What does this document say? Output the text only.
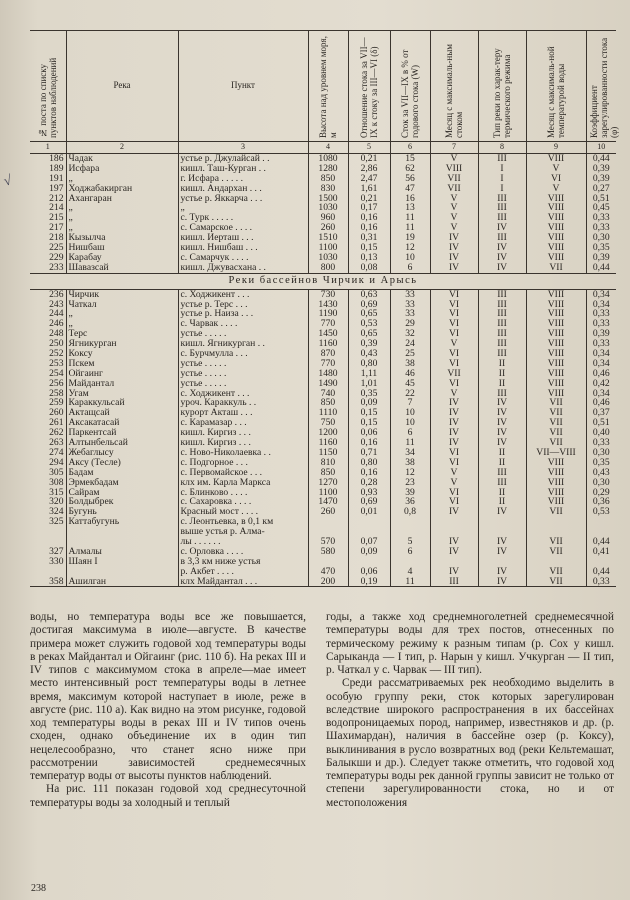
√
№ поста по списку пунктов наблюдений	Река	Пункт	Высота над уровнем моря, м	Отношение стока за VII—IX к стоку за III—VI (δ)	Сток за VII—IX в % от годового стока (W)	Месяц с максималь-ным стоком	Тип реки по харак-теру термического режима	Месяц с максималь-ной температурой воды	Коэффициент зарегулированности стока (φ)
1	2	3	4	5	6	7	8	9	10
186	Чадак	устье р. Джулайсай . .	1080	0,21	15	V	III	VIII	0,44
189	Исфара	кишл. Таш-Курган . .	1280	2,86	62	VIII	I	V	0,39
191	„	г. Исфара . . . . .	850	2,47	56	VII	I	VI	0,39
197	Ходжабакирган	кишл. Андархан . . .	830	1,61	47	VII	I	V	0,27
212	Ахангаран	устье р. Яккарча . . .	1500	0,21	16	V	III	VIII	0,51
214	„	„	1030	0,17	13	V	III	VIII	0,45
215	„	с. Турк . . . . .	960	0,16	11	V	III	VIII	0,33
217	„	с. Самарское . . . .	260	0,16	11	V	IV	VIII	0,33
218	Кызылча	кишл. Иерташ . . .	1510	0,31	19	IV	III	VIII	0,30
225	Нишбаш	кишл. Нишбаш . . .	1100	0,15	12	IV	IV	VIII	0,35
229	Карабау	с. Самарчук . . . .	1030	0,13	10	IV	IV	VIII	0,39
233	Шавазсай	кишл. Джувасхана . .	800	0,08	6	IV	IV	VII	0,44
Реки бассейнов Чирчик и Арысь									
236	Чирчик	с. Ходжикент . . .	730	0,63	33	VI	III	VIII	0,34
243	Чаткал	устье р. Терс . . .	1430	0,69	33	VI	III	VIII	0,34
244	„	устье р. Наиза . . .	1190	0,65	33	VI	III	VIII	0,33
246	„	с. Чарвак . . . .	770	0,53	29	VI	III	VIII	0,33
248	Терс	устье . . . . .	1450	0,65	32	VI	III	VIII	0,39
250	Ягникурган	кишл. Ягникурган . .	1160	0,39	24	V	III	VIII	0,33
252	Коксу	с. Бурчмулла . . .	870	0,43	25	VI	III	VIII	0,34
253	Пскем	устье . . . . .	770	0,80	38	VI	II	VIII	0,34
254	Ойгаинг	устье . . . . .	1480	1,11	46	VII	II	VIII	0,46
256	Майдантал	устье . . . . .	1490	1,01	45	VI	II	VIII	0,42
258	Угам	с. Ходжикент . . .	740	0,35	22	V	III	VIII	0,34
259	Караккульсай	уроч. Караккуль . .	850	0,09	7	IV	IV	VII	0,46
260	Актащсай	курорт Акташ . . .	1110	0,15	10	IV	IV	VII	0,37
261	Аксакатасай	с. Карамазар . . .	750	0,15	10	IV	IV	VII	0,51
262	Паркентсай	кишл. Киргиз . . .	1200	0,06	6	IV	IV	VII	0,40
263	Алтынбельсай	кишл. Киргиз . . .	1160	0,16	11	IV	IV	VII	0,33
274	Жебаглысу	с. Ново-Николаевка . .	1150	0,71	34	VI	II	VII—VIII	0,30
294	Аксу (Тесле)	с. Подгорное . . .	810	0,80	38	VI	II	VIII	0,35
305	Бадам	с. Первомайское . . .	850	0,16	12	V	III	VIII	0,43
308	Эрмекбадам	клх им. Карла Маркса	1270	0,28	23	V	III	VIII	0,30
315	Сайрам	с. Блинково . . . .	1100	0,93	39	VI	II	VIII	0,29
320	Болдыбрек	с. Сахаровка . . . .	1470	0,69	36	VI	II	VIII	0,36
324	Бугунь	Красный мост . . . .	260	0,01	0,8	IV	IV	VII	0,53
325	Каттабугунь	с. Леонтьевка, в 0,1 км							
		выше устья р. Алма-							
		лы . . . . . .	570	0,07	5	IV	IV	VII	0,44
327	Алмалы	с. Орловка . . . .	580	0,09	6	IV	IV	VII	0,41
330	Шаян I	в 3,3 км ниже устья							
		р. Акбет . . . .	470	0,06	4	IV	IV	VII	0,44
358	Ашилган	клх Майдантал . . .	200	0,19	11	III	IV	VII	0,33

воды, но температура воды все же повышается, достигая максимума в июле—августе. В качестве примера может служить годовой ход температуры воды в реках Майдантал и Ойгаинг (рис. 110 б). На реках III и IV типов с максимумом стока в апреле—мае имеет место интенсивный рост температуры воды в летнее время, максимум которой наступает в июле, реже в августе (рис. 110 а). Как видно на этом рисунке, годовой ход температуры воды в реках III и IV типов очень сходен, однако объединение их в один тип нецелесообразно, что станет ясно ниже при рассмотрении зависимостей среднемесячных температур воды от высоты пунктов наблюдений.

На рис. 111 показан годовой ход среднесуточной температуры воды за холодный и теплый

годы, а также ход среднемноголетней среднемесячной температуры воды для трех постов, отнесенных по термическому режиму к разным типам (р. Сох у кишл. Сарыканда — I тип, р. Нарын у кишл. Учкурган — II тип, р. Чаткал у с. Чарвак — III тип).

Среди рассматриваемых рек необходимо выделить в особую группу реки, сток которых зарегулирован вследствие широкого распространения в их бассейнах водопроницаемых пород, например, известняков и др. (р. Шахимардан), наличия в бассейне озер (р. Коксу), выклинивания в русло возвратных вод (реки Кельтемашат, Балыкши и др.). Следует также отметить, что годовой ход температуры воды рек данной группы зависит не только от степени зарегулированности стока, но и от местоположения

238
